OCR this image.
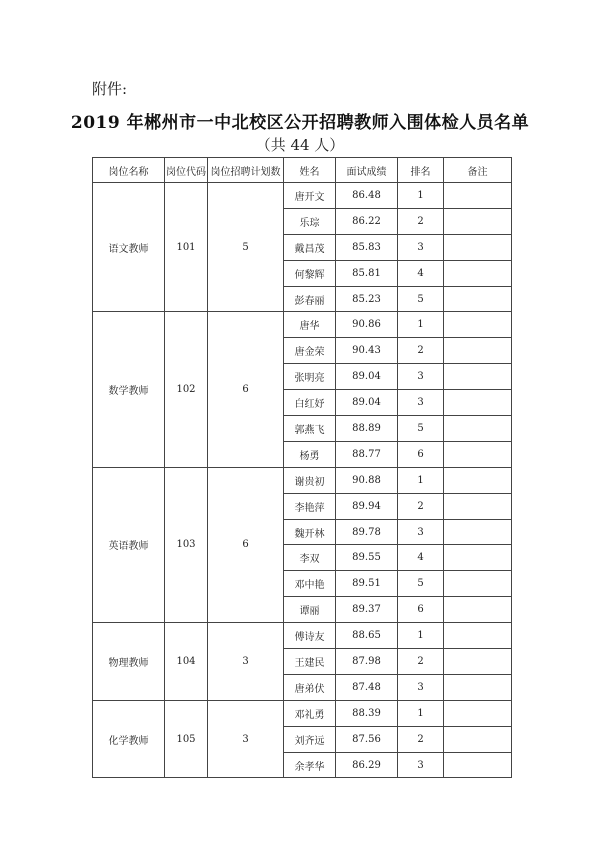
附件:
2019 年郴州市一中北校区公开招聘教师入围体检人员名单
（共 44 人）
岗位名称	岗位代码	岗位招聘计划数	姓名	面试成绩	排名	备注
语文教师	101	5	唐开文	86.48	1	
			乐琮	86.22	2	
			戴昌茂	85.83	3	
			何黎辉	85.81	4	
			彭春丽	85.23	5	
数学教师	102	6	唐华	90.86	1	
			唐金荣	90.43	2	
			张明亮	89.04	3	
			白红妤	89.04	3	
			郭燕飞	88.89	5	
			杨勇	88.77	6	
英语教师	103	6	谢贵初	90.88	1	
			李艳萍	89.94	2	
			魏开林	89.78	3	
			李双	89.55	4	
			邓中艳	89.51	5	
			谭丽	89.37	6	
物理教师	104	3	傅诗友	88.65	1	
			王建民	87.98	2	
			唐弟伏	87.48	3	
化学教师	105	3	邓礼勇	88.39	1	
			刘齐远	87.56	2	
			余孝华	86.29	3	
